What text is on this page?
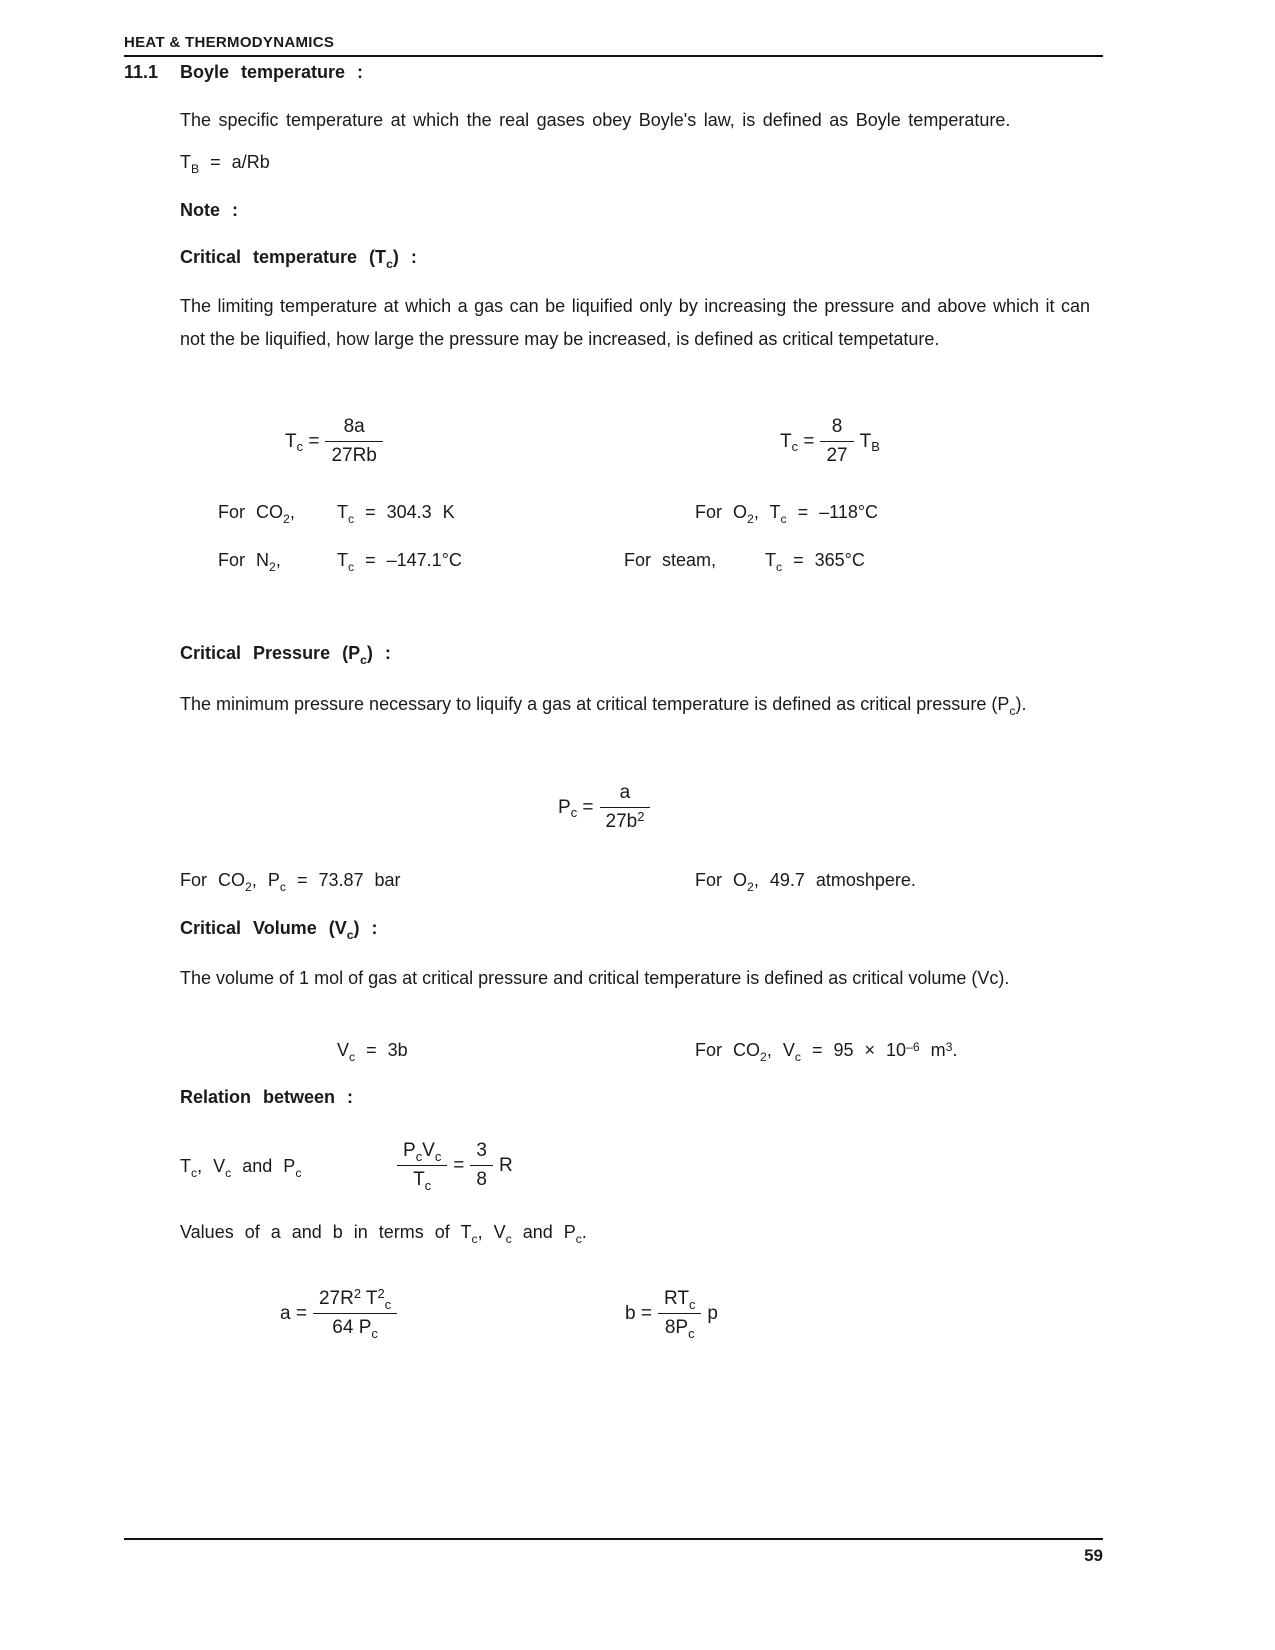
HEAT & THERMODYNAMICS
11.1 Boyle temperature :

The specific temperature at which the real gases obey Boyle's law, is defined as Boyle temperature.

$T_B = a/Rb$
Note :
Critical temperature $(T_c)$ :

The limiting temperature at which a gas can be liquified only by increasing the pressure and above which it can not the be liquified, how large the pressure may be increased, is defined as critical tempetature.

$T_c = \frac{8a}{27Rb}$	$T_c = \frac{8}{27} T_B$
For $CO_2$, $T_c = 304.3$ K	For $O_2$, $T_c = -118^\circ C$
For $N_2$,	$T_c = -147.1^\circ C$	For steam,	$T_c = 365^\circ C$
Critical Pressure $(P_c)$ :

The minimum pressure necessary to liquify a gas at critical temperature is defined as critical pressure $(P_c)$.

$P_c = \frac{a}{27b^2}$
For $CO_2$, $P_c = 73.87$ bar	For $O_2$, 49.7 atmoshpere.
Critical Volume $(V_c)$ :

The volume of 1 mol of gas at critical pressure and critical temperature is defined as critical volume (Vc).

$V_c = 3b$	For $CO_2$, $V_c = 95 \times 10^{-6}$ $m^3$.
Relation between :
$T_c$, $V_c$ and $P_c$	$\frac{P_cV_c}{T_c} = \frac{3}{8}$ R
Values of a and b in terms of $T_c$, $V_c$ and $P_c$.
$a = \frac{27R^2 T^2_c}{64 P_c}$	$b = \frac{RT_c}{8P_c}$ p
59
